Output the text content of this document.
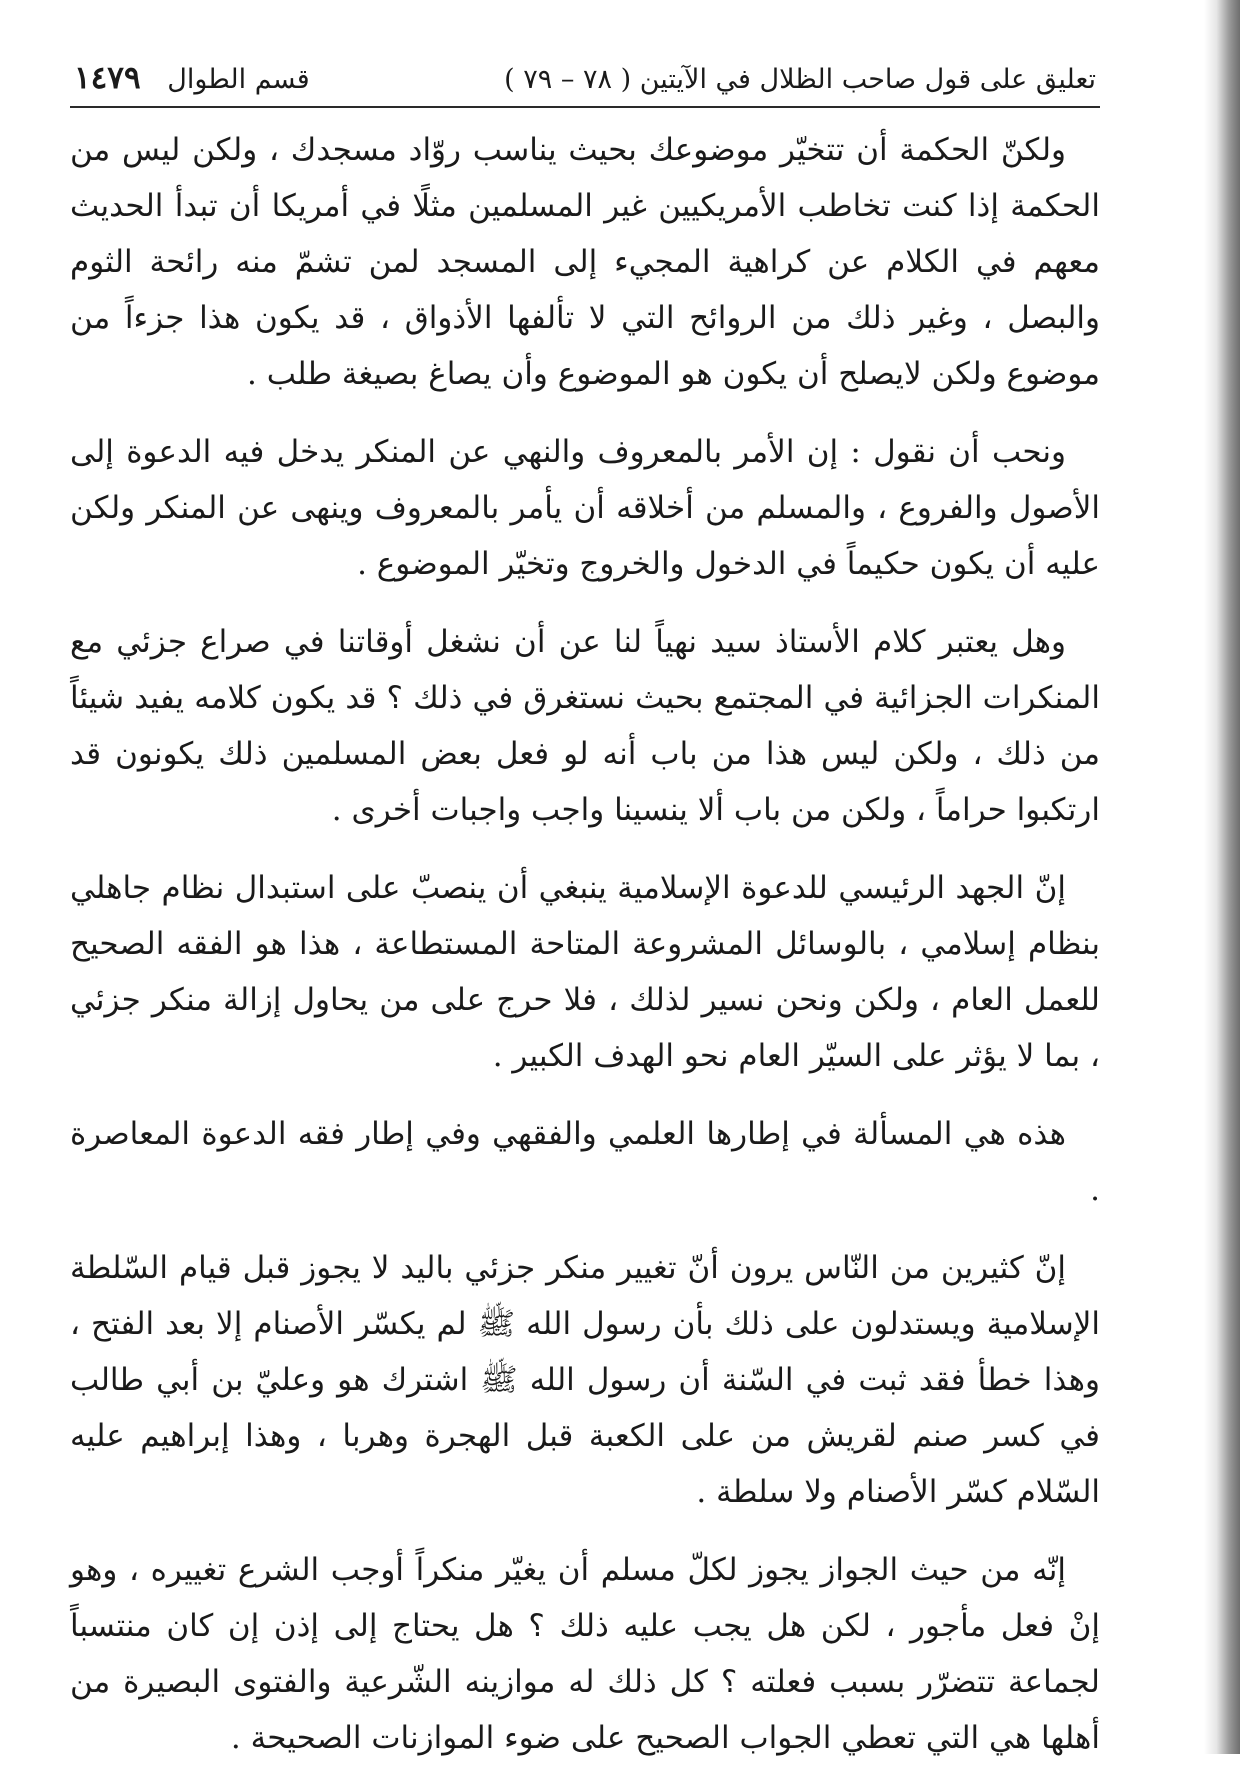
تعليق على قول صاحب الظلال في الآيتين ( ٧٨ – ٧٩ )
قسم الطوال ١٤٧٩

ولكنّ الحكمة أن تتخيّر موضوعك بحيث يناسب روّاد مسجدك ، ولكن ليس من الحكمة إذا كنت تخاطب الأمريكيين غير المسلمين مثلًا في أمريكا أن تبدأ الحديث معهم في الكلام عن كراهية المجيء إلى المسجد لمن تشمّ منه رائحة الثوم والبصل ، وغير ذلك من الروائح التي لا تألفها الأذواق ، قد يكون هذا جزءاً من موضوع ولكن لايصلح أن يكون هو الموضوع وأن يصاغ بصيغة طلب .

ونحب أن نقول : إن الأمر بالمعروف والنهي عن المنكر يدخل فيه الدعوة إلى الأصول والفروع ، والمسلم من أخلاقه أن يأمر بالمعروف وينهى عن المنكر ولكن عليه أن يكون حكيماً في الدخول والخروج وتخيّر الموضوع .

وهل يعتبر كلام الأستاذ سيد نهياً لنا عن أن نشغل أوقاتنا في صراع جزئي مع المنكرات الجزائية في المجتمع بحيث نستغرق في ذلك ؟ قد يكون كلامه يفيد شيئاً من ذلك ، ولكن ليس هذا من باب أنه لو فعل بعض المسلمين ذلك يكونون قد ارتكبوا حراماً ، ولكن من باب ألا ينسينا واجب واجبات أخرى .

إنّ الجهد الرئيسي للدعوة الإسلامية ينبغي أن ينصبّ على استبدال نظام جاهلي بنظام إسلامي ، بالوسائل المشروعة المتاحة المستطاعة ، هذا هو الفقه الصحيح للعمل العام ، ولكن ونحن نسير لذلك ، فلا حرج على من يحاول إزالة منكر جزئي ، بما لا يؤثر على السيّر العام نحو الهدف الكبير .

هذه هي المسألة في إطارها العلمي والفقهي وفي إطار فقه الدعوة المعاصرة .

إنّ كثيرين من النّاس يرون أنّ تغيير منكر جزئي باليد لا يجوز قبل قيام السّلطة الإسلامية ويستدلون على ذلك بأن رسول الله ﷺ لم يكسّر الأصنام إلا بعد الفتح ، وهذا خطأ فقد ثبت في السّنة أن رسول الله ﷺ اشترك هو وعليّ بن أبي طالب في كسر صنم لقريش من على الكعبة قبل الهجرة وهربا ، وهذا إبراهيم عليه السّلام كسّر الأصنام ولا سلطة .

إنّه من حيث الجواز يجوز لكلّ مسلم أن يغيّر منكراً أوجب الشرع تغييره ، وهو إنْ فعل مأجور ، لكن هل يجب عليه ذلك ؟ هل يحتاج إلى إذن إن كان منتسباً لجماعة تتضرّر بسبب فعلته ؟ كل ذلك له موازينه الشّرعية والفتوى البصيرة من أهلها هي التي تعطي الجواب الصحيح على ضوء الموازنات الصحيحة .
